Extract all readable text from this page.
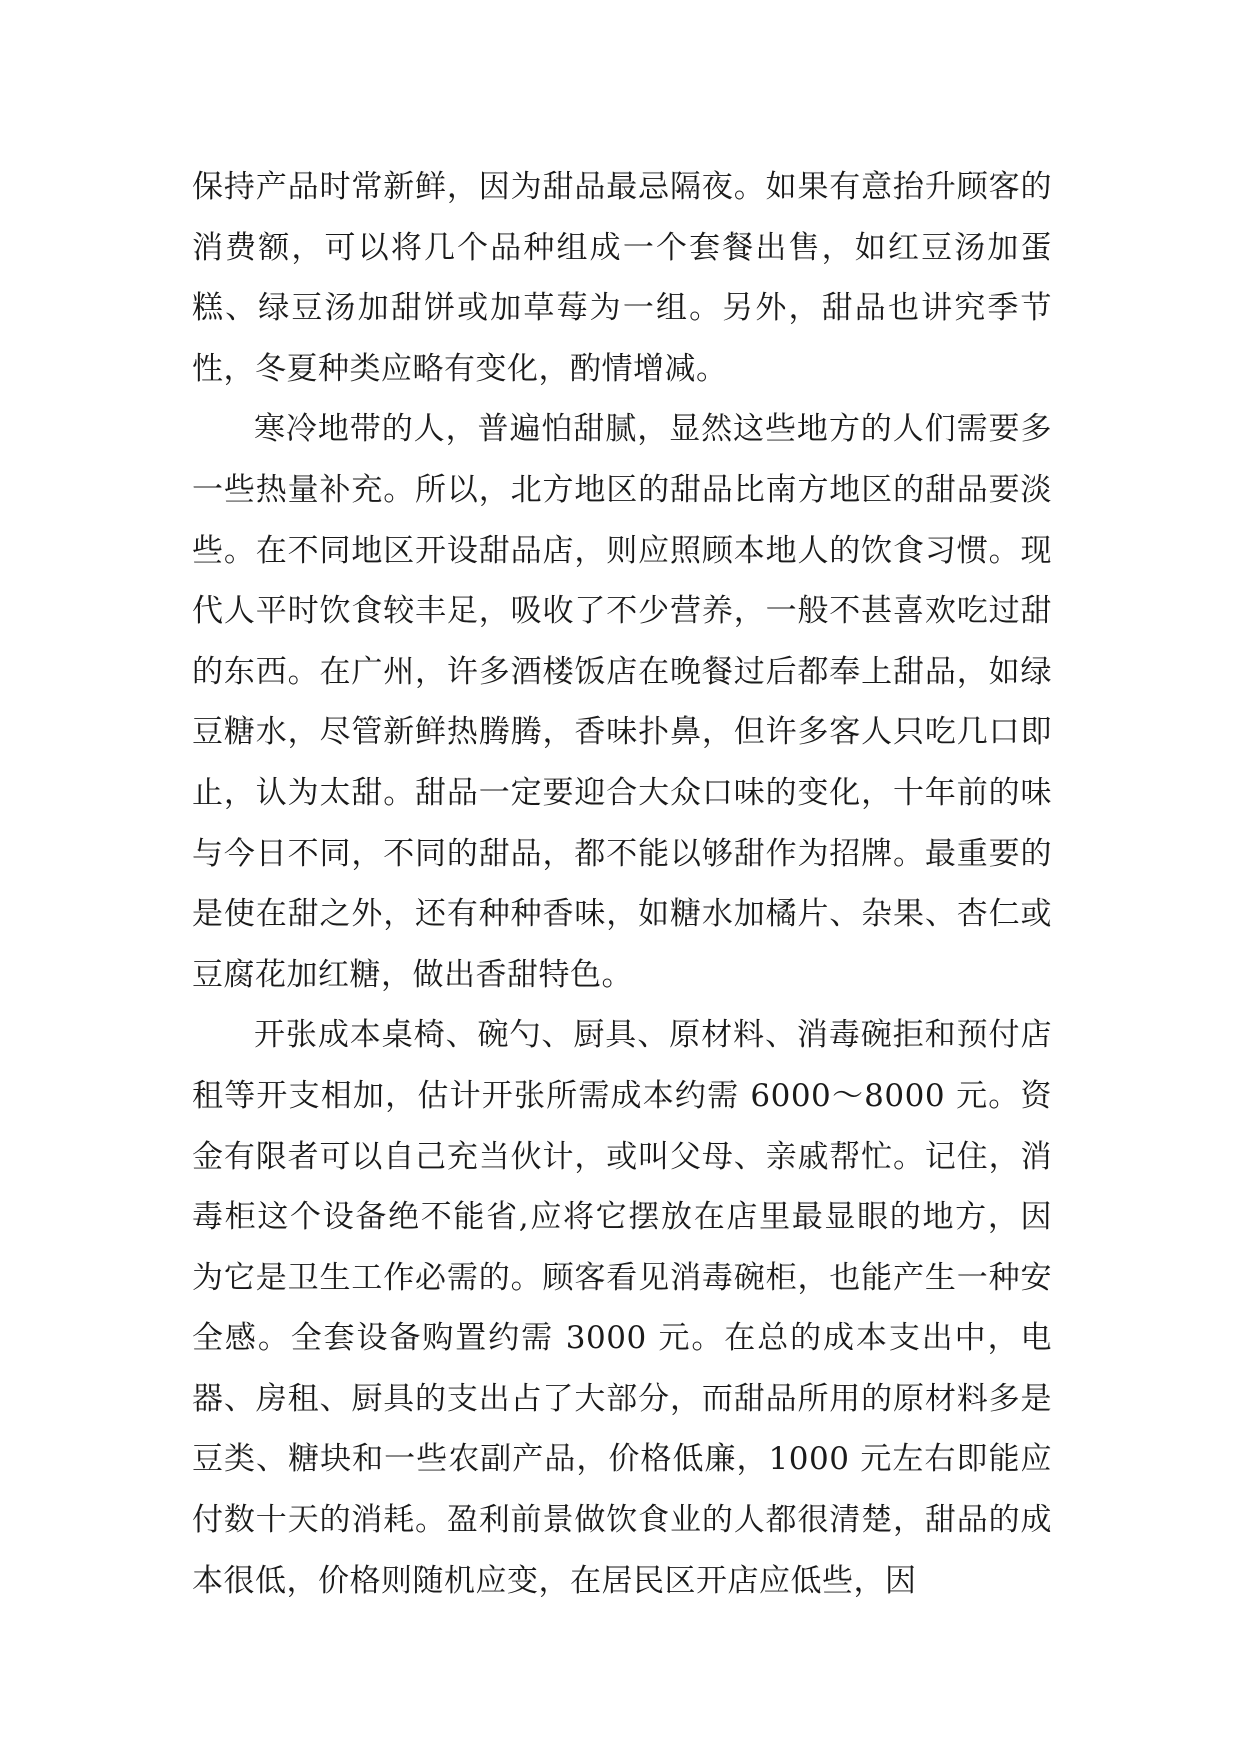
保持产品时常新鲜，因为甜品最忌隔夜。如果有意抬升顾客的消费额，可以将几个品种组成一个套餐出售，如红豆汤加蛋糕、绿豆汤加甜饼或加草莓为一组。另外，甜品也讲究季节性，冬夏种类应略有变化，酌情增减。

寒冷地带的人，普遍怕甜腻，显然这些地方的人们需要多一些热量补充。所以，北方地区的甜品比南方地区的甜品要淡些。在不同地区开设甜品店，则应照顾本地人的饮食习惯。现代人平时饮食较丰足，吸收了不少营养，一般不甚喜欢吃过甜的东西。在广州，许多酒楼饭店在晚餐过后都奉上甜品，如绿豆糖水，尽管新鲜热腾腾，香味扑鼻，但许多客人只吃几口即止，认为太甜。甜品一定要迎合大众口味的变化，十年前的味与今日不同，不同的甜品，都不能以够甜作为招牌。最重要的是使在甜之外，还有种种香味，如糖水加橘片、杂果、杏仁或豆腐花加红糖，做出香甜特色。

开张成本桌椅、碗勺、厨具、原材料、消毒碗拒和预付店租等开支相加，估计开张所需成本约需 6000～8000 元。资金有限者可以自己充当伙计，或叫父母、亲戚帮忙。记住，消毒柜这个设备绝不能省,应将它摆放在店里最显眼的地方，因为它是卫生工作必需的。顾客看见消毒碗柜，也能产生一种安全感。全套设备购置约需 3000 元。在总的成本支出中，电器、房租、厨具的支出占了大部分，而甜品所用的原材料多是豆类、糖块和一些农副产品，价格低廉，1000 元左右即能应付数十天的消耗。盈利前景做饮食业的人都很清楚，甜品的成本很低，价格则随机应变，在居民区开店应低些，因
